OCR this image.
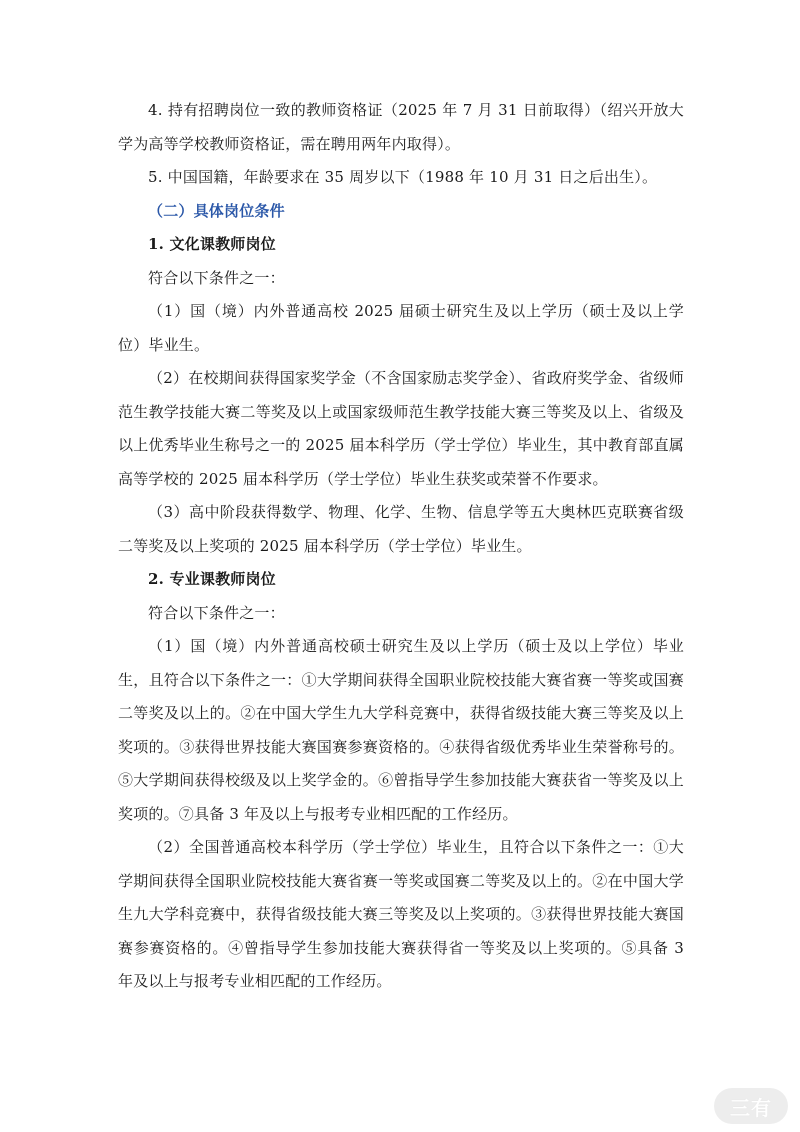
4. 持有招聘岗位一致的教师资格证（2025 年 7 月 31 日前取得）（绍兴开放大学为高等学校教师资格证，需在聘用两年内取得）。

5. 中国国籍，年龄要求在 35 周岁以下（1988 年 10 月 31 日之后出生）。

（二）具体岗位条件

1. 文化课教师岗位

符合以下条件之一：

（1）国（境）内外普通高校 2025 届硕士研究生及以上学历（硕士及以上学位）毕业生。

（2）在校期间获得国家奖学金（不含国家励志奖学金）、省政府奖学金、省级师范生教学技能大赛二等奖及以上或国家级师范生教学技能大赛三等奖及以上、省级及以上优秀毕业生称号之一的 2025 届本科学历（学士学位）毕业生，其中教育部直属高等学校的 2025 届本科学历（学士学位）毕业生获奖或荣誉不作要求。

（3）高中阶段获得数学、物理、化学、生物、信息学等五大奥林匹克联赛省级二等奖及以上奖项的 2025 届本科学历（学士学位）毕业生。

2. 专业课教师岗位

符合以下条件之一：

（1）国（境）内外普通高校硕士研究生及以上学历（硕士及以上学位）毕业生，且符合以下条件之一：①大学期间获得全国职业院校技能大赛省赛一等奖或国赛二等奖及以上的。②在中国大学生九大学科竞赛中，获得省级技能大赛三等奖及以上奖项的。③获得世界技能大赛国赛参赛资格的。④获得省级优秀毕业生荣誉称号的。⑤大学期间获得校级及以上奖学金的。⑥曾指导学生参加技能大赛获省一等奖及以上奖项的。⑦具备 3 年及以上与报考专业相匹配的工作经历。

（2）全国普通高校本科学历（学士学位）毕业生，且符合以下条件之一：①大学期间获得全国职业院校技能大赛省赛一等奖或国赛二等奖及以上的。②在中国大学生九大学科竞赛中，获得省级技能大赛三等奖及以上奖项的。③获得世界技能大赛国赛参赛资格的。④曾指导学生参加技能大赛获得省一等奖及以上奖项的。⑤具备 3 年及以上与报考专业相匹配的工作经历。

三有
